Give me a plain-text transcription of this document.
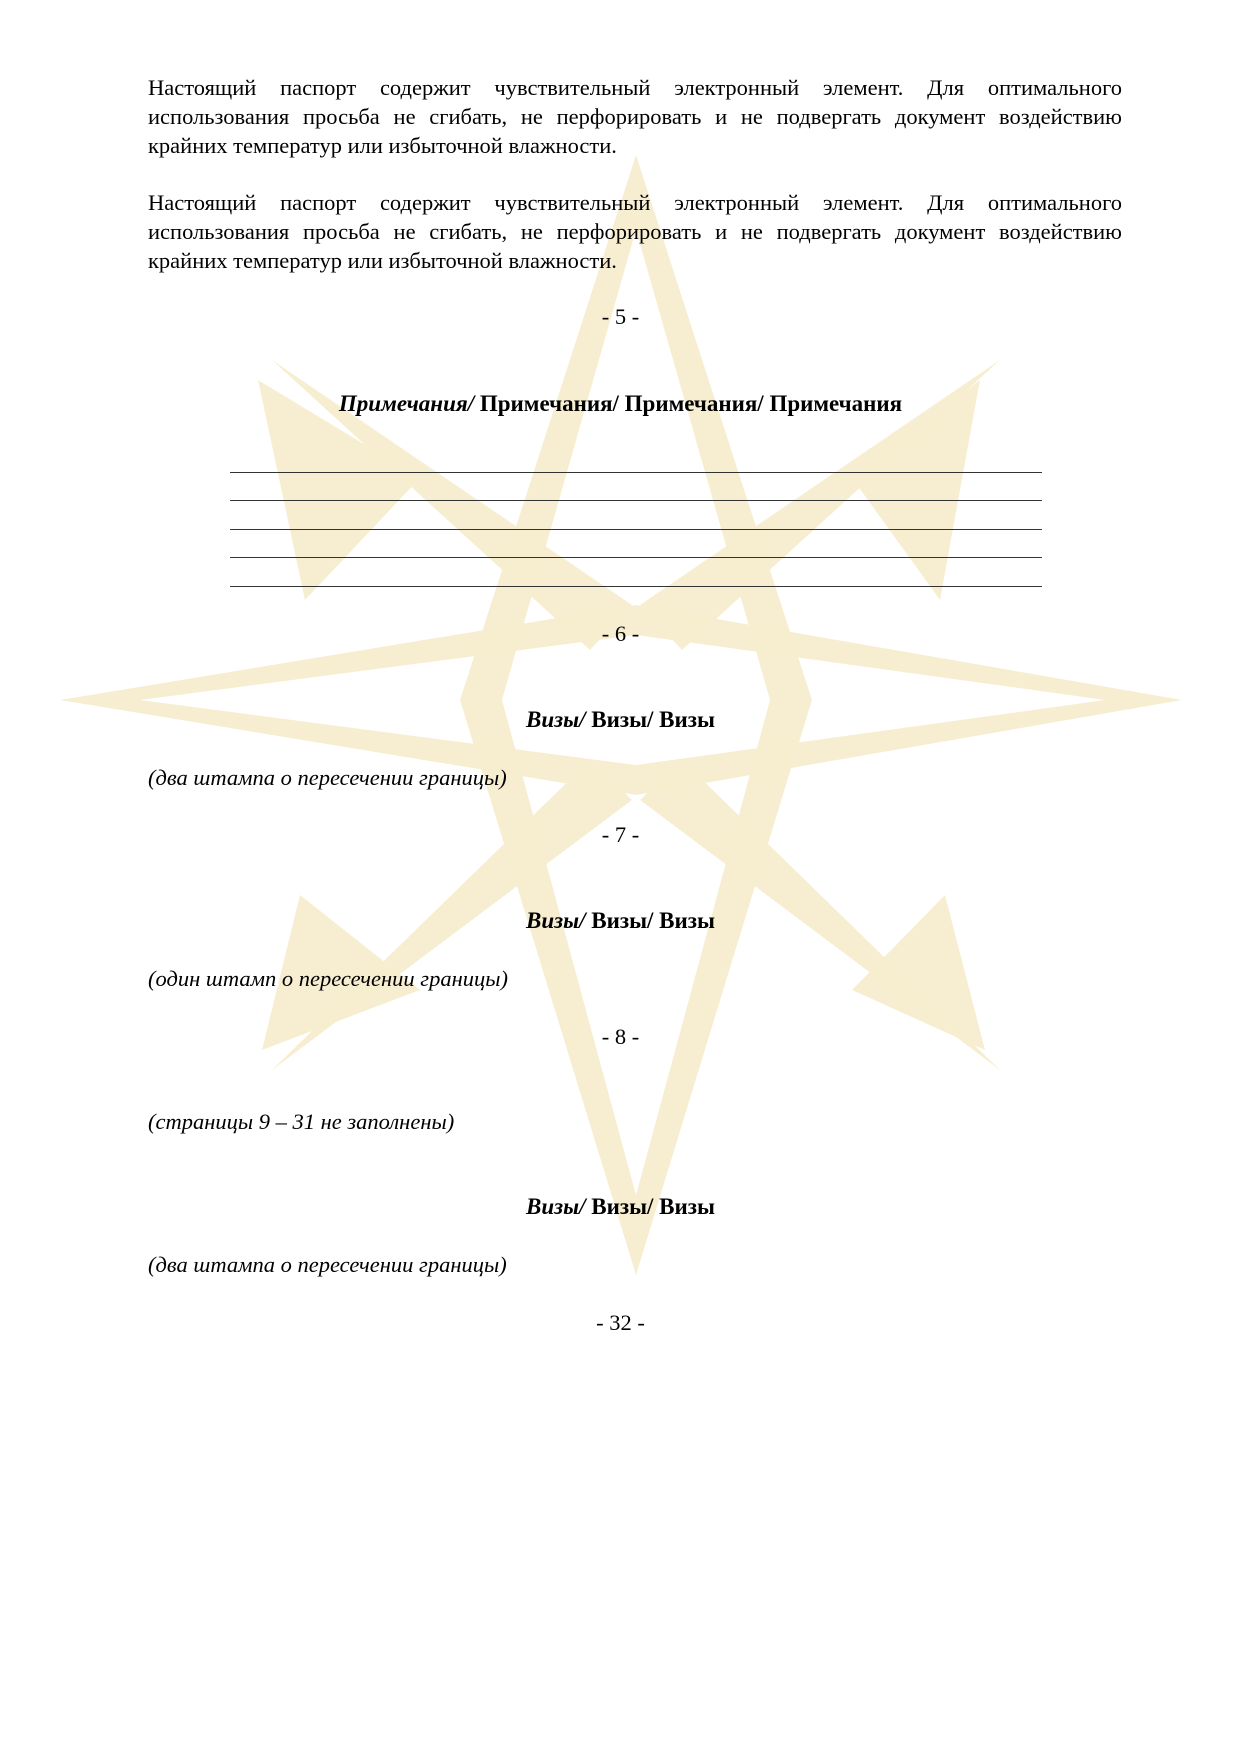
Настоящий паспорт содержит чувствительный электронный элемент. Для оптимального использования просьба не сгибать, не перфорировать и не подвергать документ воздействию крайних температур или избыточной влажности.

Настоящий паспорт содержит чувствительный электронный элемент. Для оптимального использования просьба не сгибать, не перфорировать и не подвергать документ воздействию крайних температур или избыточной влажности.

- 5 -

Примечания/ Примечания/ Примечания/ Примечания

- 6 -

Визы/ Визы/ Визы

(два штампа о пересечении границы)

- 7 -

Визы/ Визы/ Визы

(один штамп о пересечении границы)

- 8 -

(страницы 9 – 31 не заполнены)

Визы/ Визы/ Визы

(два штампа о пересечении границы)

- 32 -
